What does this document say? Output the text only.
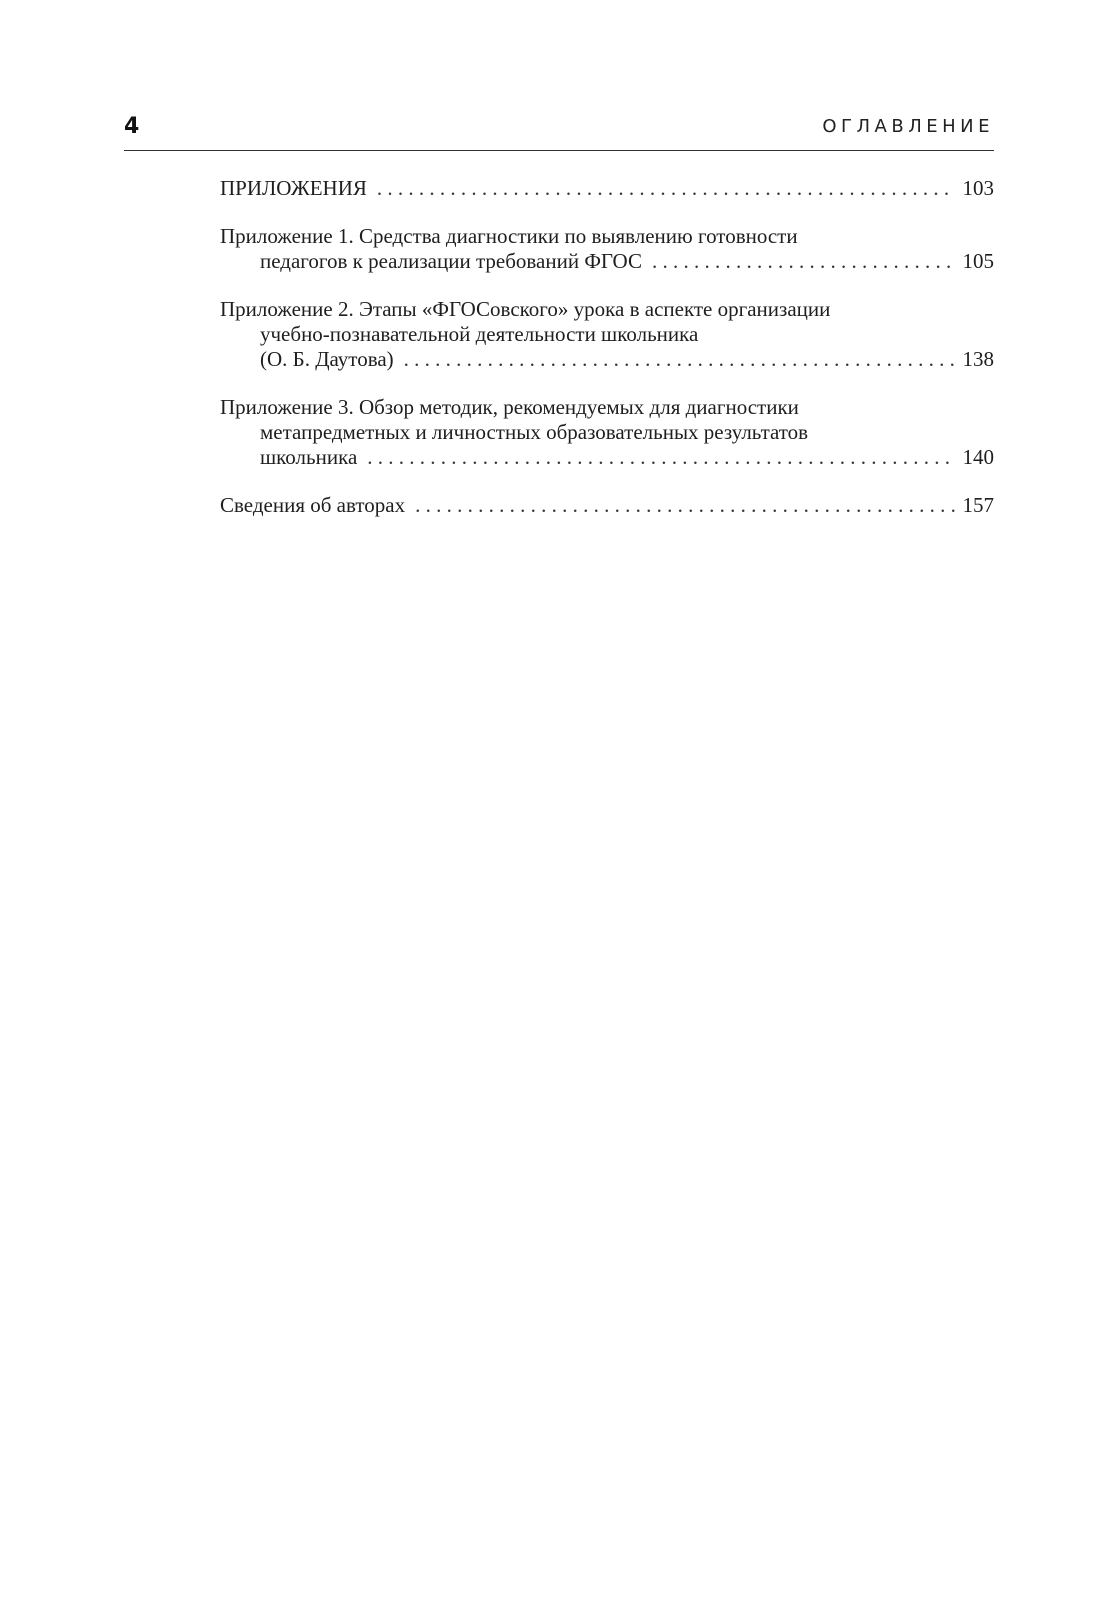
4	ОГЛАВЛЕНИЕ
ПРИЛОЖЕНИЯ . . .	103
Приложение 1. Средства диагностики по выявлению готовности
педагогов к реализации требований ФГОС . . .	105
Приложение 2. Этапы «ФГОСовского» урока в аспекте организации
учебно-познавательной деятельности школьника
(О. Б. Даутова) . . .	138
Приложение 3. Обзор методик, рекомендуемых для диагностики
метапредметных и личностных образовательных результатов
школьника . . .	140
Сведения об авторах . . .	157
